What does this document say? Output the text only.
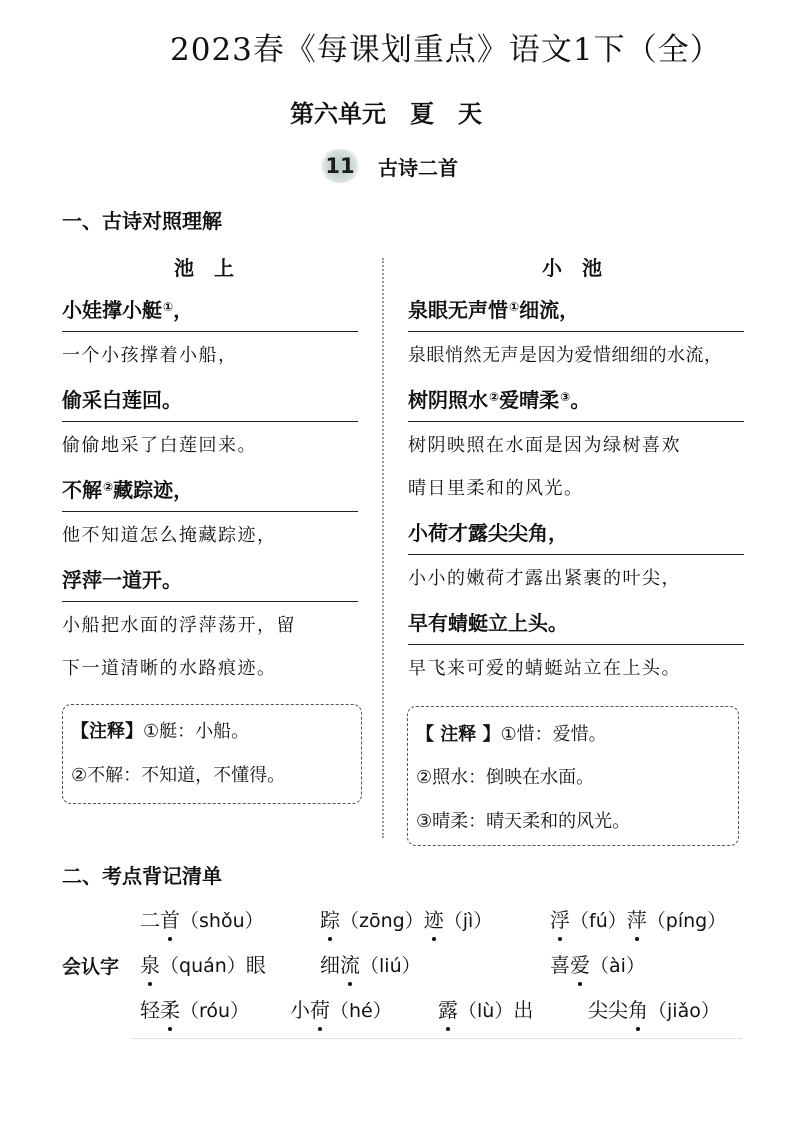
2023春《每课划重点》语文1下（全）
第六单元　夏　天
11	古诗二首
一、古诗对照理解
池　上	小　池
小娃撑小艇① ，
一个小孩撑着小船，
偷采白莲回 。
偷偷地采了白莲回来。
不解② 藏踪迹 ，
他不知道怎么掩藏踪迹，
浮萍一道开 。
小船把水面的浮萍荡开，留
下一道清晰的水路痕迹。
【注释】①艇：小船。
②不解：不知道，不懂得。
泉眼无声惜① 细流 ，
泉眼悄然无声是因为爱惜细细的水流，
树阴照水② 爱晴柔③ 。
树阴映照在水面是因为绿树喜欢
晴日里柔和的风光。
小荷才露尖尖角 ，
小小的嫩荷才露出紧裹的叶尖，
早有蜻蜓立上头 。
早飞来可爱的蜻蜓站立在上头。
【 注释 】①惜：爱惜。
②照水：倒映在水面。
③晴柔：晴天柔和的风光。
二、考点背记清单
会认字
二首（shǒu）	踪（zōng）迹（jì）	浮（fú）萍（píng）
泉（quán）眼	细流（liú）	喜爱（ài）
轻柔（róu） 小荷（hé） 露（lù）出	尖尖角（jiǎo）
